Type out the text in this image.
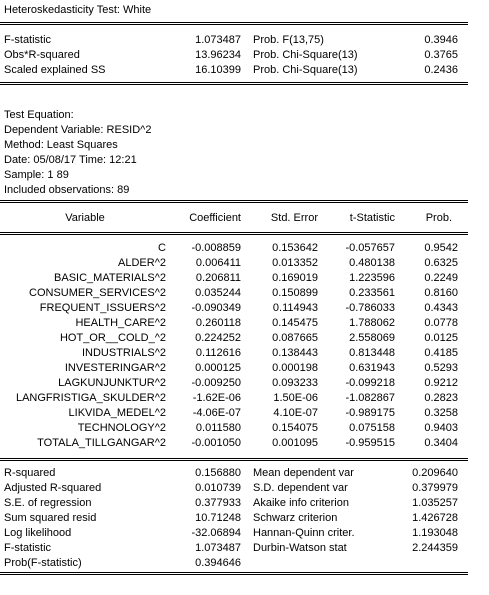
Heteroskedasticity Test: White
F-statistic	1.073487 Prob. F(13,75)	0.3946
Obs*R-squared	13.96234 Prob. Chi-Square(13)	0.3765
Scaled explained SS	16.10399 Prob. Chi-Square(13)	0.2436
Test Equation:
Dependent Variable: RESID^2
Method: Least Squares
Date: 05/08/17 Time: 12:21
Sample: 1 89
Included observations: 89
Variable	Coefficient	Std. Error	t-Statistic	Prob.
C	-0.008859	0.153642	-0.057657	0.9542
ALDER^2	0.006411	0.013352	0.480138	0.6325
BASIC_MATERIALS^2	0.206811	0.169019	1.223596	0.2249
CONSUMER_SERVICES^2	0.035244	0.150899	0.233561	0.8160
FREQUENT_ISSUERS^2	-0.090349	0.114943	-0.786033	0.4343
HEALTH_CARE^2	0.260118	0.145475	1.788062	0.0778
HOT_OR__COLD_^2	0.224252	0.087665	2.558069	0.0125
INDUSTRIALS^2	0.112616	0.138443	0.813448	0.4185
INVESTERINGAR^2	0.000125	0.000198	0.631943	0.5293
LAGKUNJUNKTUR^2	-0.009250	0.093233	-0.099218	0.9212
LANGFRISTIGA_SKULDER^2	-1.62E-06	1.50E-06	-1.082867	0.2823
LIKVIDA_MEDEL^2	-4.06E-07	4.10E-07	-0.989175	0.3258
TECHNOLOGY^2	0.011580	0.154075	0.075158	0.9403
TOTALA_TILLGANGAR^2	-0.001050	0.001095	-0.959515	0.3404
R-squared	0.156880 Mean dependent var	0.209640
Adjusted R-squared	0.010739 S.D. dependent var	0.379979
S.E. of regression	0.377933 Akaike info criterion	1.035257
Sum squared resid	10.71248 Schwarz criterion	1.426728
Log likelihood	-32.06894 Hannan-Quinn criter.	1.193048
F-statistic	1.073487 Durbin-Watson stat	2.244359
Prob(F-statistic)	0.394646
